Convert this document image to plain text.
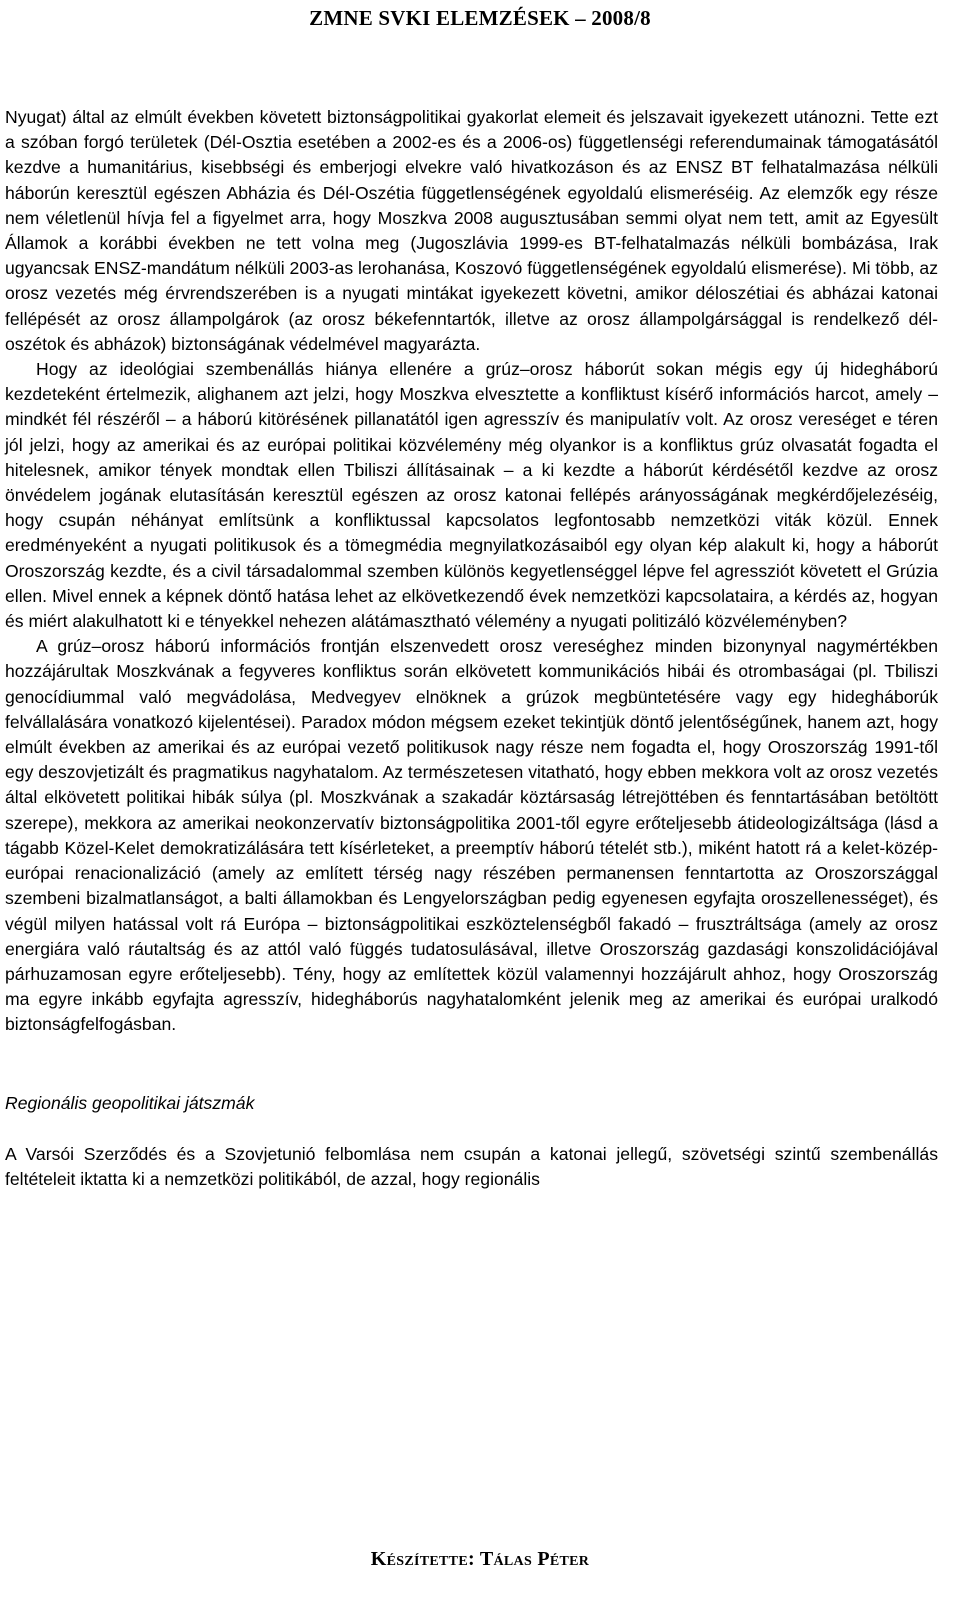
ZMNE SVKI ELEMZÉSEK – 2008/8

Nyugat) által az elmúlt években követett biztonságpolitikai gyakorlat elemeit és jelszavait igyekezett utánozni. Tette ezt a szóban forgó területek (Dél-Osztia esetében a 2002-es és a 2006-os) függetlenségi referendumainak támogatásától kezdve a humanitárius, kisebbségi és emberjogi elvekre való hivatkozáson és az ENSZ BT felhatalmazása nélküli háborún keresztül egészen Abházia és Dél-Oszétia függetlenségének egyoldalú elismeréséig. Az elemzők egy része nem véletlenül hívja fel a figyelmet arra, hogy Moszkva 2008 augusztusában semmi olyat nem tett, amit az Egyesült Államok a korábbi években ne tett volna meg (Jugoszlávia 1999-es BT-felhatalmazás nélküli bombázása, Irak ugyancsak ENSZ-mandátum nélküli 2003-as lerohanása, Koszovó függetlenségének egyoldalú elismerése). Mi több, az orosz vezetés még érvrendszerében is a nyugati mintákat igyekezett követni, amikor déloszétiai és abházai katonai fellépését az orosz állampolgárok (az orosz békefenntartók, illetve az orosz állampolgársággal is rendelkező dél-oszétok és abházok) biztonságának védelmével magyarázta.

Hogy az ideológiai szembenállás hiánya ellenére a grúz–orosz háborút sokan mégis egy új hidegháború kezdeteként értelmezik, alighanem azt jelzi, hogy Moszkva elvesztette a konfliktust kísérő információs harcot, amely – mindkét fél részéről – a háború kitörésének pillanatától igen agresszív és manipulatív volt. Az orosz vereséget e téren jól jelzi, hogy az amerikai és az európai politikai közvélemény még olyankor is a konfliktus grúz olvasatát fogadta el hitelesnek, amikor tények mondtak ellen Tbiliszi állításainak – a ki kezdte a háborút kérdésétől kezdve az orosz önvédelem jogának elutasításán keresztül egészen az orosz katonai fellépés arányosságának megkérdőjelezéséig, hogy csupán néhányat említsünk a konfliktussal kapcsolatos legfontosabb nemzetközi viták közül. Ennek eredményeként a nyugati politikusok és a tömegmédia megnyilatkozásaiból egy olyan kép alakult ki, hogy a háborút Oroszország kezdte, és a civil társadalommal szemben különös kegyetlenséggel lépve fel agressziót követett el Grúzia ellen. Mivel ennek a képnek döntő hatása lehet az elkövetkezendő évek nemzetközi kapcsolataira, a kérdés az, hogyan és miért alakulhatott ki e tényekkel nehezen alátámasztható vélemény a nyugati politizáló közvéleményben?

A grúz–orosz háború információs frontján elszenvedett orosz vereséghez minden bizonynyal nagymértékben hozzájárultak Moszkvának a fegyveres konfliktus során elkövetett kommunikációs hibái és otrombaságai (pl. Tbiliszi genocídiummal való megvádolása, Medvegyev elnöknek a grúzok megbüntetésére vagy egy hidegháborúk felvállalására vonatkozó kijelentései). Paradox módon mégsem ezeket tekintjük döntő jelentőségűnek, hanem azt, hogy elmúlt években az amerikai és az európai vezető politikusok nagy része nem fogadta el, hogy Oroszország 1991-től egy deszovjetizált és pragmatikus nagyhatalom. Az természetesen vitatható, hogy ebben mekkora volt az orosz vezetés által elkövetett politikai hibák súlya (pl. Moszkvának a szakadár köztársaság létrejöttében és fenntartásában betöltött szerepe), mekkora az amerikai neokonzervatív biztonságpolitika 2001-től egyre erőteljesebb átideologizáltsága (lásd a tágabb Közel-Kelet demokratizálására tett kísérleteket, a preemptív háború tételét stb.), miként hatott rá a kelet-közép-európai renacionalizáció (amely az említett térség nagy részében permanensen fenntartotta az Oroszországgal szembeni bizalmatlanságot, a balti államokban és Lengyelországban pedig egyenesen egyfajta oroszellenességet), és végül milyen hatással volt rá Európa – biztonságpolitikai eszköztelenségből fakadó – frusztráltsága (amely az orosz energiára való ráutaltság és az attól való függés tudatosulásával, illetve Oroszország gazdasági konszolidációjával párhuzamosan egyre erőteljesebb). Tény, hogy az említettek közül valamennyi hozzájárult ahhoz, hogy Oroszország ma egyre inkább egyfajta agresszív, hidegháborús nagyhatalomként jelenik meg az amerikai és európai uralkodó biztonságfelfogásban.

Regionális geopolitikai játszmák

A Varsói Szerződés és a Szovjetunió felbomlása nem csupán a katonai jellegű, szövetségi szintű szembenállás feltételeit iktatta ki a nemzetközi politikából, de azzal, hogy regionális

Készítette: Tálas Péter
